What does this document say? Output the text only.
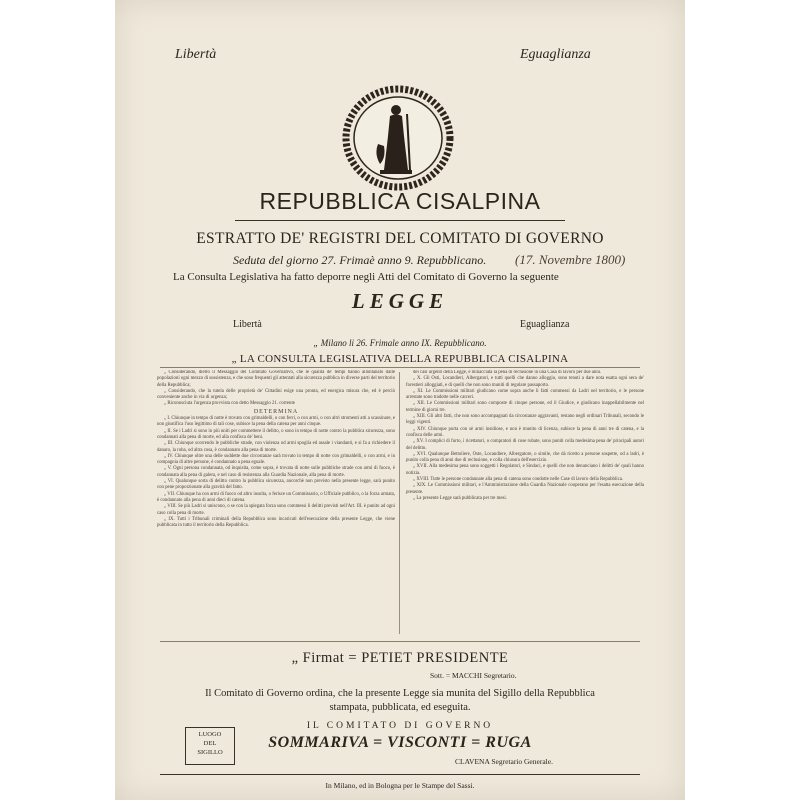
Libertà	Eguaglianza
REPUBBLICA CISALPINA
ESTRATTO DE' REGISTRI DEL COMITATO DI GOVERNO
Seduta del giorno 27. Frimaè anno 9. Repubblicano. (17. Novembre 1800)
La Consulta Legislativa ha fatto deporre negli Atti del Comitato di Governo la seguente
LEGGE
Libertà	Eguaglianza
„ Milano li 26. Frimale anno IX. Repubblicano.
„ LA CONSULTA LEGISLATIVA DELLA REPUBBLICA CISALPINA

„ Considerando, dietro il Messaggio del Comitato Governativo, che le qualità de' tempi hanno allontanato dalle popolazioni ogni mezzo di sussistenza, e che sono frequenti gli attentati alla sicurezza pubblica in diverse parti del territorio della Repubblica;

„ Considerando, che la tutela delle proprietà de' Cittadini esige una pronta, ed energica misura che, ed è perciò conveniente anche in via di urgenza;

„ Riconosciuta l'urgenza provvista con detto Messaggio 21. corrente

DETERMINA

„ I. Chiunque in tempo di notte è trovato con grimaldelli, o con ferri, o con armi, o con altri stromenti atti a scassinare, e non giustifica l'uso legittimo di tali cose, subisce la pena della catena per anni cinque.

„ II. Se i Ladri si sono in più uniti per commettere il delitto, o sono in tempo di notte contro la pubblica sicurezza, sono condannati alla pena di morte, ed alla confisca de' beni.

„ III. Chiunque scorrendo le pubbliche strade, con violenza od armi spoglia ed assale i viandanti, e si fa a richiedere il danaro, la roba, od altra cosa, è condannato alla pena di morte.

„ IV. Chiunque oltre una delle suddette due circostanze sarà trovato in tempo di notte con grimaldelli, o con armi, e in compagnia di altre persone, è condannato a pena eguale.

„ V. Ogni persona condannata, od inquisita, come sopra, è trovata di notte sulle pubbliche strade con armi di fuoco, è condannata alla pena di galera, e nel caso di resistenza alla Guardia Nazionale, alla pena di morte.

„ VI. Qualunque sorta di delitto contro la pubblica sicurezza, ancorchè non previsto nella presente legge, sarà punito con pene proporzionate alla gravità del fatto.

„ VII. Chiunque ha con armi di fuoco od altro insulta, o ferisce un Commissario, o Ufficiale pubblico, o la forza armata, è condannato alla pena di anni dieci di catena.

„ VIII. Se più Ladri si uniscono, o se con la spiegata forza sono commessi li delitti previsti nell'Art. III. è punito ad ogni caso colla pena di morte.

„ IX. Tutti i Tribunali criminali della Repubblica sono incaricati dell'esecuzione della presente Legge, che viene pubblicata in tutto il territorio della Repubblica.

dei casi urgenti della Legge, è minacciata la pena di reclusione in una Casa di lavoro per due anni.

„ X. Gli Osti, Locandieri, Albergatori, e tutti quelli che danno alloggio, sono tenuti a dare nota esatta ogni sera de' forestieri alloggiati, e di quelli che non sono muniti di regolare passaporto.

„ XI. Le Commissioni militari giudicano come sopra anche li fatti commessi da Ladri nel territorio, e le persone arrestate sono tradotte nelle carceri.

„ XII. Le Commissioni militari sono composte di cinque persone, ed il Giudice, e giudicano inappellabilmente nel termine di giorni tre.

„ XIII. Gli altri fatti, che non sono accompagnati da circostanze aggravanti, restano negli ordinari Tribunali, secondo le leggi vigenti.

„ XIV. Chiunque porta con sè armi insidiose, e non è munito di licenza, subisce la pena di anni tre di catena, e la confisca delle armi.

„ XV. I complici di furto, i ricettatori, o compratori di cose rubate, sono puniti colla medesima pena de' principali autori del delitto.

„ XVI. Qualunque Bettoliere, Oste, Locandiere, Albergatore, o simile, che dà ricetto a persone sospette, od a ladri, è punito colla pena di anni due di reclusione, e colla chiusura dell'esercizio.

„ XVII. Alla medesima pena sono soggetti i Regolatori, e Sindaci, e quelli che non denunciano i delitti de' quali hanno notizia.

„ XVIII. Tutte le persone condannate alla pena di catena sono condotte nelle Case di lavoro della Repubblica.

„ XIX. Le Commissioni militari, e l'Amministrazione della Guardia Nazionale cooperano per l'esatta esecuzione della presente.

„ La presente Legge sarà pubblicata per tre mesi.

„ Firmat = PETIET PRESIDENTE
Sott. = MACCHI Segretario.
Il Comitato di Governo ordina, che la presente Legge sia munita del Sigillo della Repubblica
stampata, pubblicata, ed eseguita.
IL COMITATO DI GOVERNO
SOMMARIVA = VISCONTI = RUGA
CLAVENA Segretario Generale.
LUOGO
DEL
SIGILLO
In Milano, ed in Bologna per le Stampe del Sassi.
